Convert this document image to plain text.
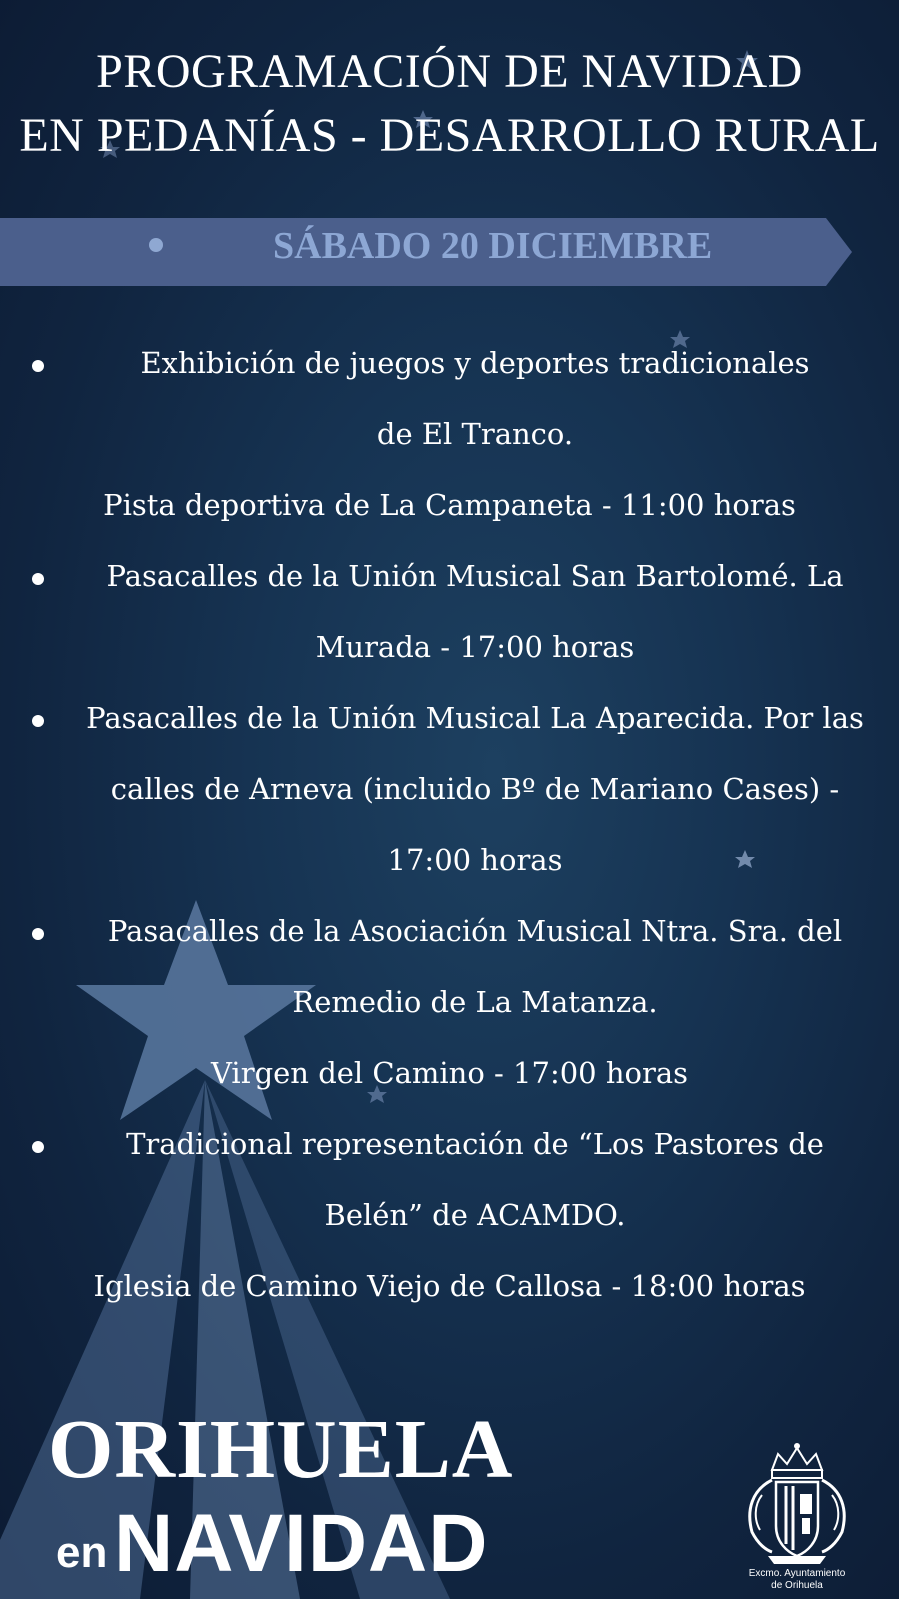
PROGRAMACIÓN DE NAVIDAD
EN PEDANÍAS - DESARROLLO RURAL
SÁBADO 20 DICIEMBRE
Exhibición de juegos y deportes tradicionales
de El Tranco.
Pista deportiva de La Campaneta - 11:00 horas
Pasacalles de la Unión Musical San Bartolomé. La
Murada - 17:00 horas
Pasacalles de la Unión Musical La Aparecida. Por las
calles de Arneva (incluido Bº de Mariano Cases) -
17:00 horas
Pasacalles de la Asociación Musical Ntra. Sra. del
Remedio de La Matanza.
Virgen del Camino - 17:00 horas
Tradicional representación de “Los Pastores de
Belén” de ACAMDO.
Iglesia de Camino Viejo de Callosa - 18:00 horas
ORIHUELA
en NAVIDAD	Excmo. Ayuntamiento
de Orihuela
